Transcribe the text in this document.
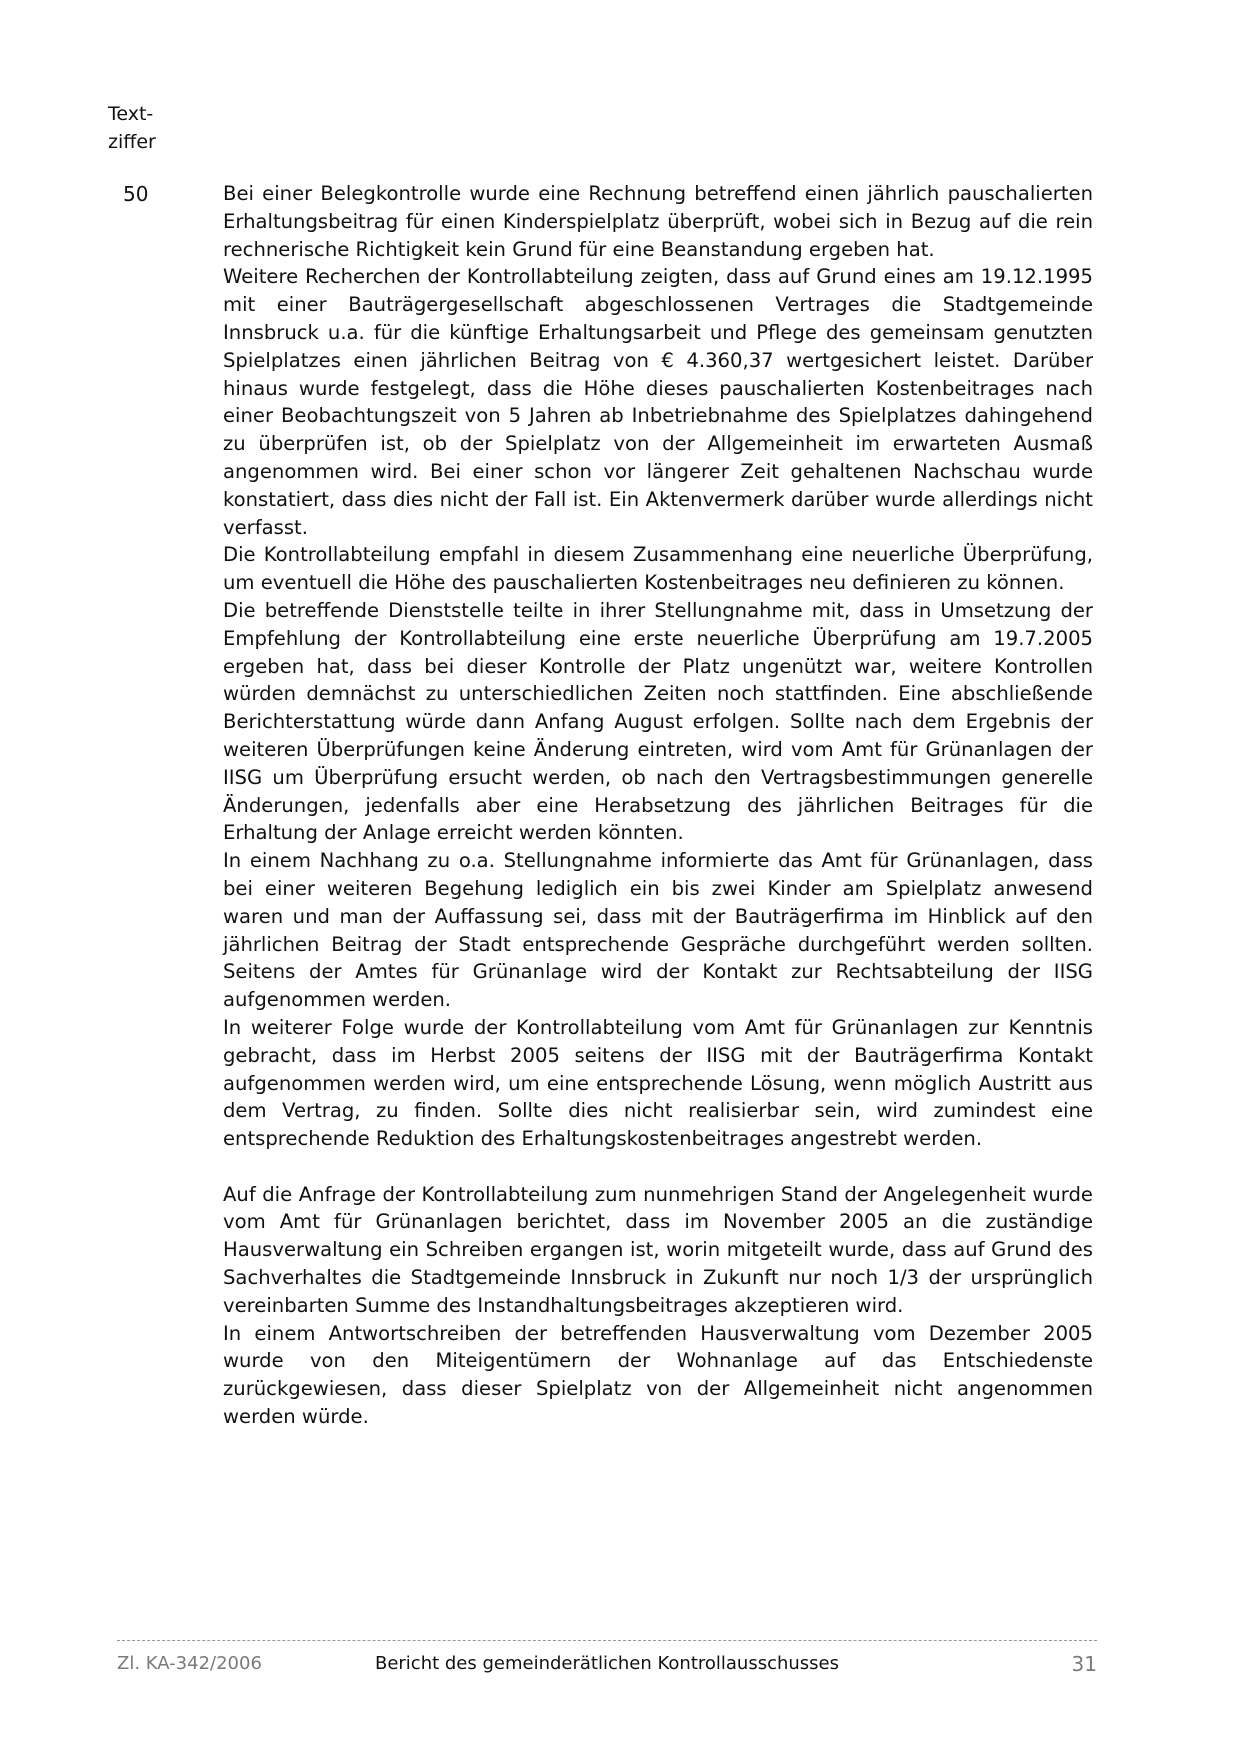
Text-
ziffer
50	Bei einer Belegkontrolle wurde eine Rechnung betreffend einen jährlich pauschalierten Erhaltungsbeitrag für einen Kinderspielplatz überprüft, wobei sich in Bezug auf die rein rechnerische Richtigkeit kein Grund für eine Beanstandung ergeben hat.

Weitere Recherchen der Kontrollabteilung zeigten, dass auf Grund eines am 19.12.1995 mit einer Bauträgergesellschaft abgeschlossenen Vertrages die Stadtgemeinde Innsbruck u.a. für die künftige Erhaltungsarbeit und Pflege des gemeinsam genutzten Spielplatzes einen jährlichen Beitrag von € 4.360,37 wertgesichert leistet. Darüber hinaus wurde festgelegt, dass die Höhe dieses pauschalierten Kostenbeitrages nach einer Beobachtungszeit von 5 Jahren ab Inbetriebnahme des Spielplatzes dahingehend zu überprüfen ist, ob der Spielplatz von der Allgemeinheit im erwarteten Ausmaß angenommen wird. Bei einer schon vor längerer Zeit gehaltenen Nachschau wurde konstatiert, dass dies nicht der Fall ist. Ein Aktenvermerk darüber wurde allerdings nicht verfasst.

Die Kontrollabteilung empfahl in diesem Zusammenhang eine neuerliche Überprüfung, um eventuell die Höhe des pauschalierten Kostenbeitrages neu definieren zu können.

Die betreffende Dienststelle teilte in ihrer Stellungnahme mit, dass in Umsetzung der Empfehlung der Kontrollabteilung eine erste neuerliche Überprüfung am 19.7.2005 ergeben hat, dass bei dieser Kontrolle der Platz ungenützt war, weitere Kontrollen würden demnächst zu unterschiedlichen Zeiten noch stattfinden. Eine abschließende Berichterstattung würde dann Anfang August erfolgen. Sollte nach dem Ergebnis der weiteren Überprüfungen keine Änderung eintreten, wird vom Amt für Grünanlagen der IISG um Überprüfung ersucht werden, ob nach den Vertragsbestimmungen generelle Änderungen, jedenfalls aber eine Herabsetzung des jährlichen Beitrages für die Erhaltung der Anlage erreicht werden könnten.

In einem Nachhang zu o.a. Stellungnahme informierte das Amt für Grünanlagen, dass bei einer weiteren Begehung lediglich ein bis zwei Kinder am Spielplatz anwesend waren und man der Auffassung sei, dass mit der Bauträgerfirma im Hinblick auf den jährlichen Beitrag der Stadt entsprechende Gespräche durchgeführt werden sollten. Seitens der Amtes für Grünanlage wird der Kontakt zur Rechtsabteilung der IISG aufgenommen werden.

In weiterer Folge wurde der Kontrollabteilung vom Amt für Grünanlagen zur Kenntnis gebracht, dass im Herbst 2005 seitens der IISG mit der Bauträgerfirma Kontakt aufgenommen werden wird, um eine entsprechende Lösung, wenn möglich Austritt aus dem Vertrag, zu finden. Sollte dies nicht realisierbar sein, wird zumindest eine entsprechende Reduktion des Erhaltungskostenbeitrages angestrebt werden.

Auf die Anfrage der Kontrollabteilung zum nunmehrigen Stand der Angelegenheit wurde vom Amt für Grünanlagen berichtet, dass im November 2005 an die zuständige Hausverwaltung ein Schreiben ergangen ist, worin mitgeteilt wurde, dass auf Grund des Sachverhaltes die Stadtgemeinde Innsbruck in Zukunft nur noch 1/3 der ursprünglich vereinbarten Summe des Instandhaltungsbeitrages akzeptieren wird.

In einem Antwortschreiben der betreffenden Hausverwaltung vom Dezember 2005 wurde von den Miteigentümern der Wohnanlage auf das Entschiedenste zurückgewiesen, dass dieser Spielplatz von der Allgemeinheit nicht angenommen werden würde.

Zl. KA-342/2006	Bericht des gemeinderätlichen Kontrollausschusses	31
